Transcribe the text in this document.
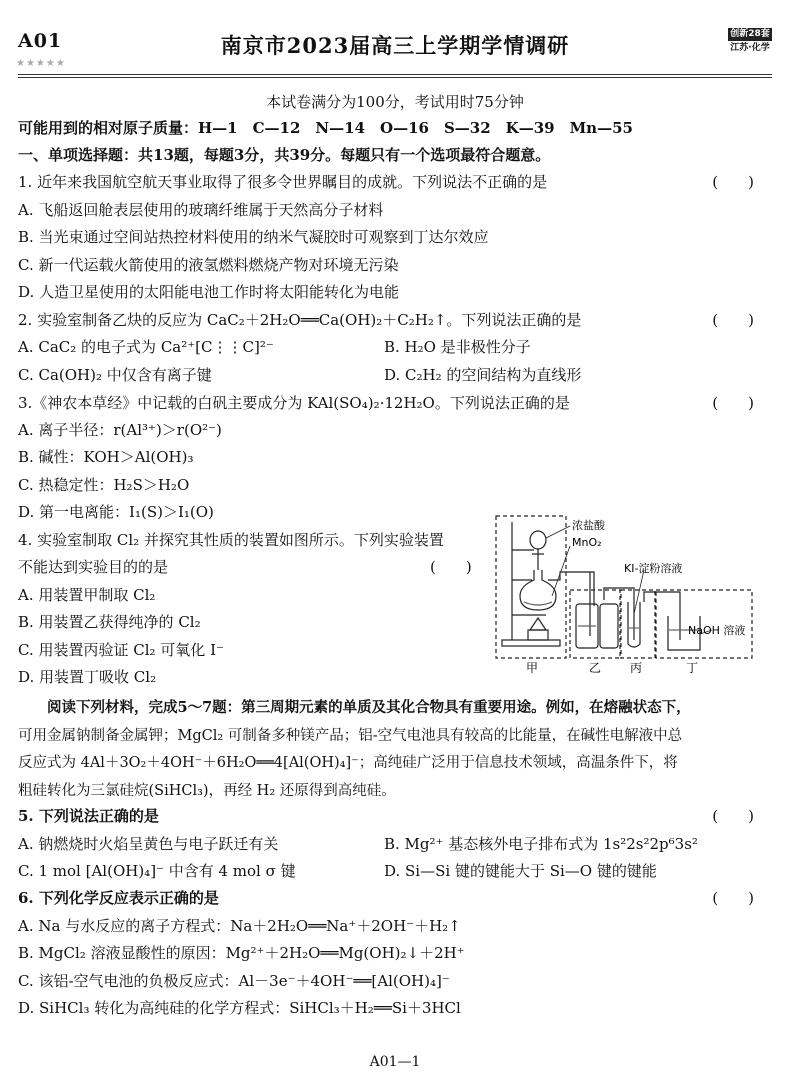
A01
★★★★★
南京市2023届高三上学期学情调研	创新28套
江苏·化学
本试卷满分为100分，考试用时75分钟
可能用到的相对原子质量：H—1　C—12　N—14　O—16　S—32　K—39　Mn—55
一、单项选择题：共13题，每题3分，共39分。每题只有一个选项最符合题意。
1. 近年来我国航空航天事业取得了很多令世界瞩目的成就。下列说法不正确的是	(　　)
A. 飞船返回舱表层使用的玻璃纤维属于天然高分子材料
B. 当光束通过空间站热控材料使用的纳米气凝胶时可观察到丁达尔效应
C. 新一代运载火箭使用的液氢燃料燃烧产物对环境无污染
D. 人造卫星使用的太阳能电池工作时将太阳能转化为电能
2. 实验室制备乙炔的反应为 CaC₂＋2H₂O══Ca(OH)₂＋C₂H₂↑。下列说法正确的是	(　　)
A. CaC₂ 的电子式为 Ca²⁺[C⋮⋮C]²⁻	B. H₂O 是非极性分子
C. Ca(OH)₂ 中仅含有离子键	D. C₂H₂ 的空间结构为直线形
3.《神农本草经》中记载的白矾主要成分为 KAl(SO₄)₂·12H₂O。下列说法正确的是	(　　)
A. 离子半径：r(Al³⁺)＞r(O²⁻)
B. 碱性：KOH＞Al(OH)₃
C. 热稳定性：H₂S＞H₂O
D. 第一电离能：I₁(S)＞I₁(O)
4. 实验室制取 Cl₂ 并探究其性质的装置如图所示。下列实验装置
不能达到实验目的的是	(　　)
A. 用装置甲制取 Cl₂
B. 用装置乙获得纯净的 Cl₂
C. 用装置丙验证 Cl₂ 可氧化 I⁻
D. 用装置丁吸收 Cl₂
浓盐酸
MnO₂
KI-淀粉溶液
NaOH 溶液
甲	乙 丙	丁
　　阅读下列材料，完成5～7题：第三周期元素的单质及其化合物具有重要用途。例如，在熔融状态下，
可用金属钠制备金属钾；MgCl₂ 可制备多种镁产品；铝-空气电池具有较高的比能量，在碱性电解液中总
反应式为 4Al＋3O₂＋4OH⁻＋6H₂O══4[Al(OH)₄]⁻；高纯硅广泛用于信息技术领域，高温条件下，将
粗硅转化为三氯硅烷(SiHCl₃)，再经 H₂ 还原得到高纯硅。
5. 下列说法正确的是	(　　)
A. 钠燃烧时火焰呈黄色与电子跃迁有关	B. Mg²⁺ 基态核外电子排布式为 1s²2s²2p⁶3s²
C. 1 mol [Al(OH)₄]⁻ 中含有 4 mol σ 键	D. Si—Si 键的键能大于 Si—O 键的键能
6. 下列化学反应表示正确的是	(　　)
A. Na 与水反应的离子方程式：Na＋2H₂O══Na⁺＋2OH⁻＋H₂↑
B. MgCl₂ 溶液显酸性的原因：Mg²⁺＋2H₂O══Mg(OH)₂↓＋2H⁺
C. 该铝-空气电池的负极反应式：Al－3e⁻＋4OH⁻══[Al(OH)₄]⁻
D. SiHCl₃ 转化为高纯硅的化学方程式：SiHCl₃＋H₂══Si＋3HCl
A01—1
